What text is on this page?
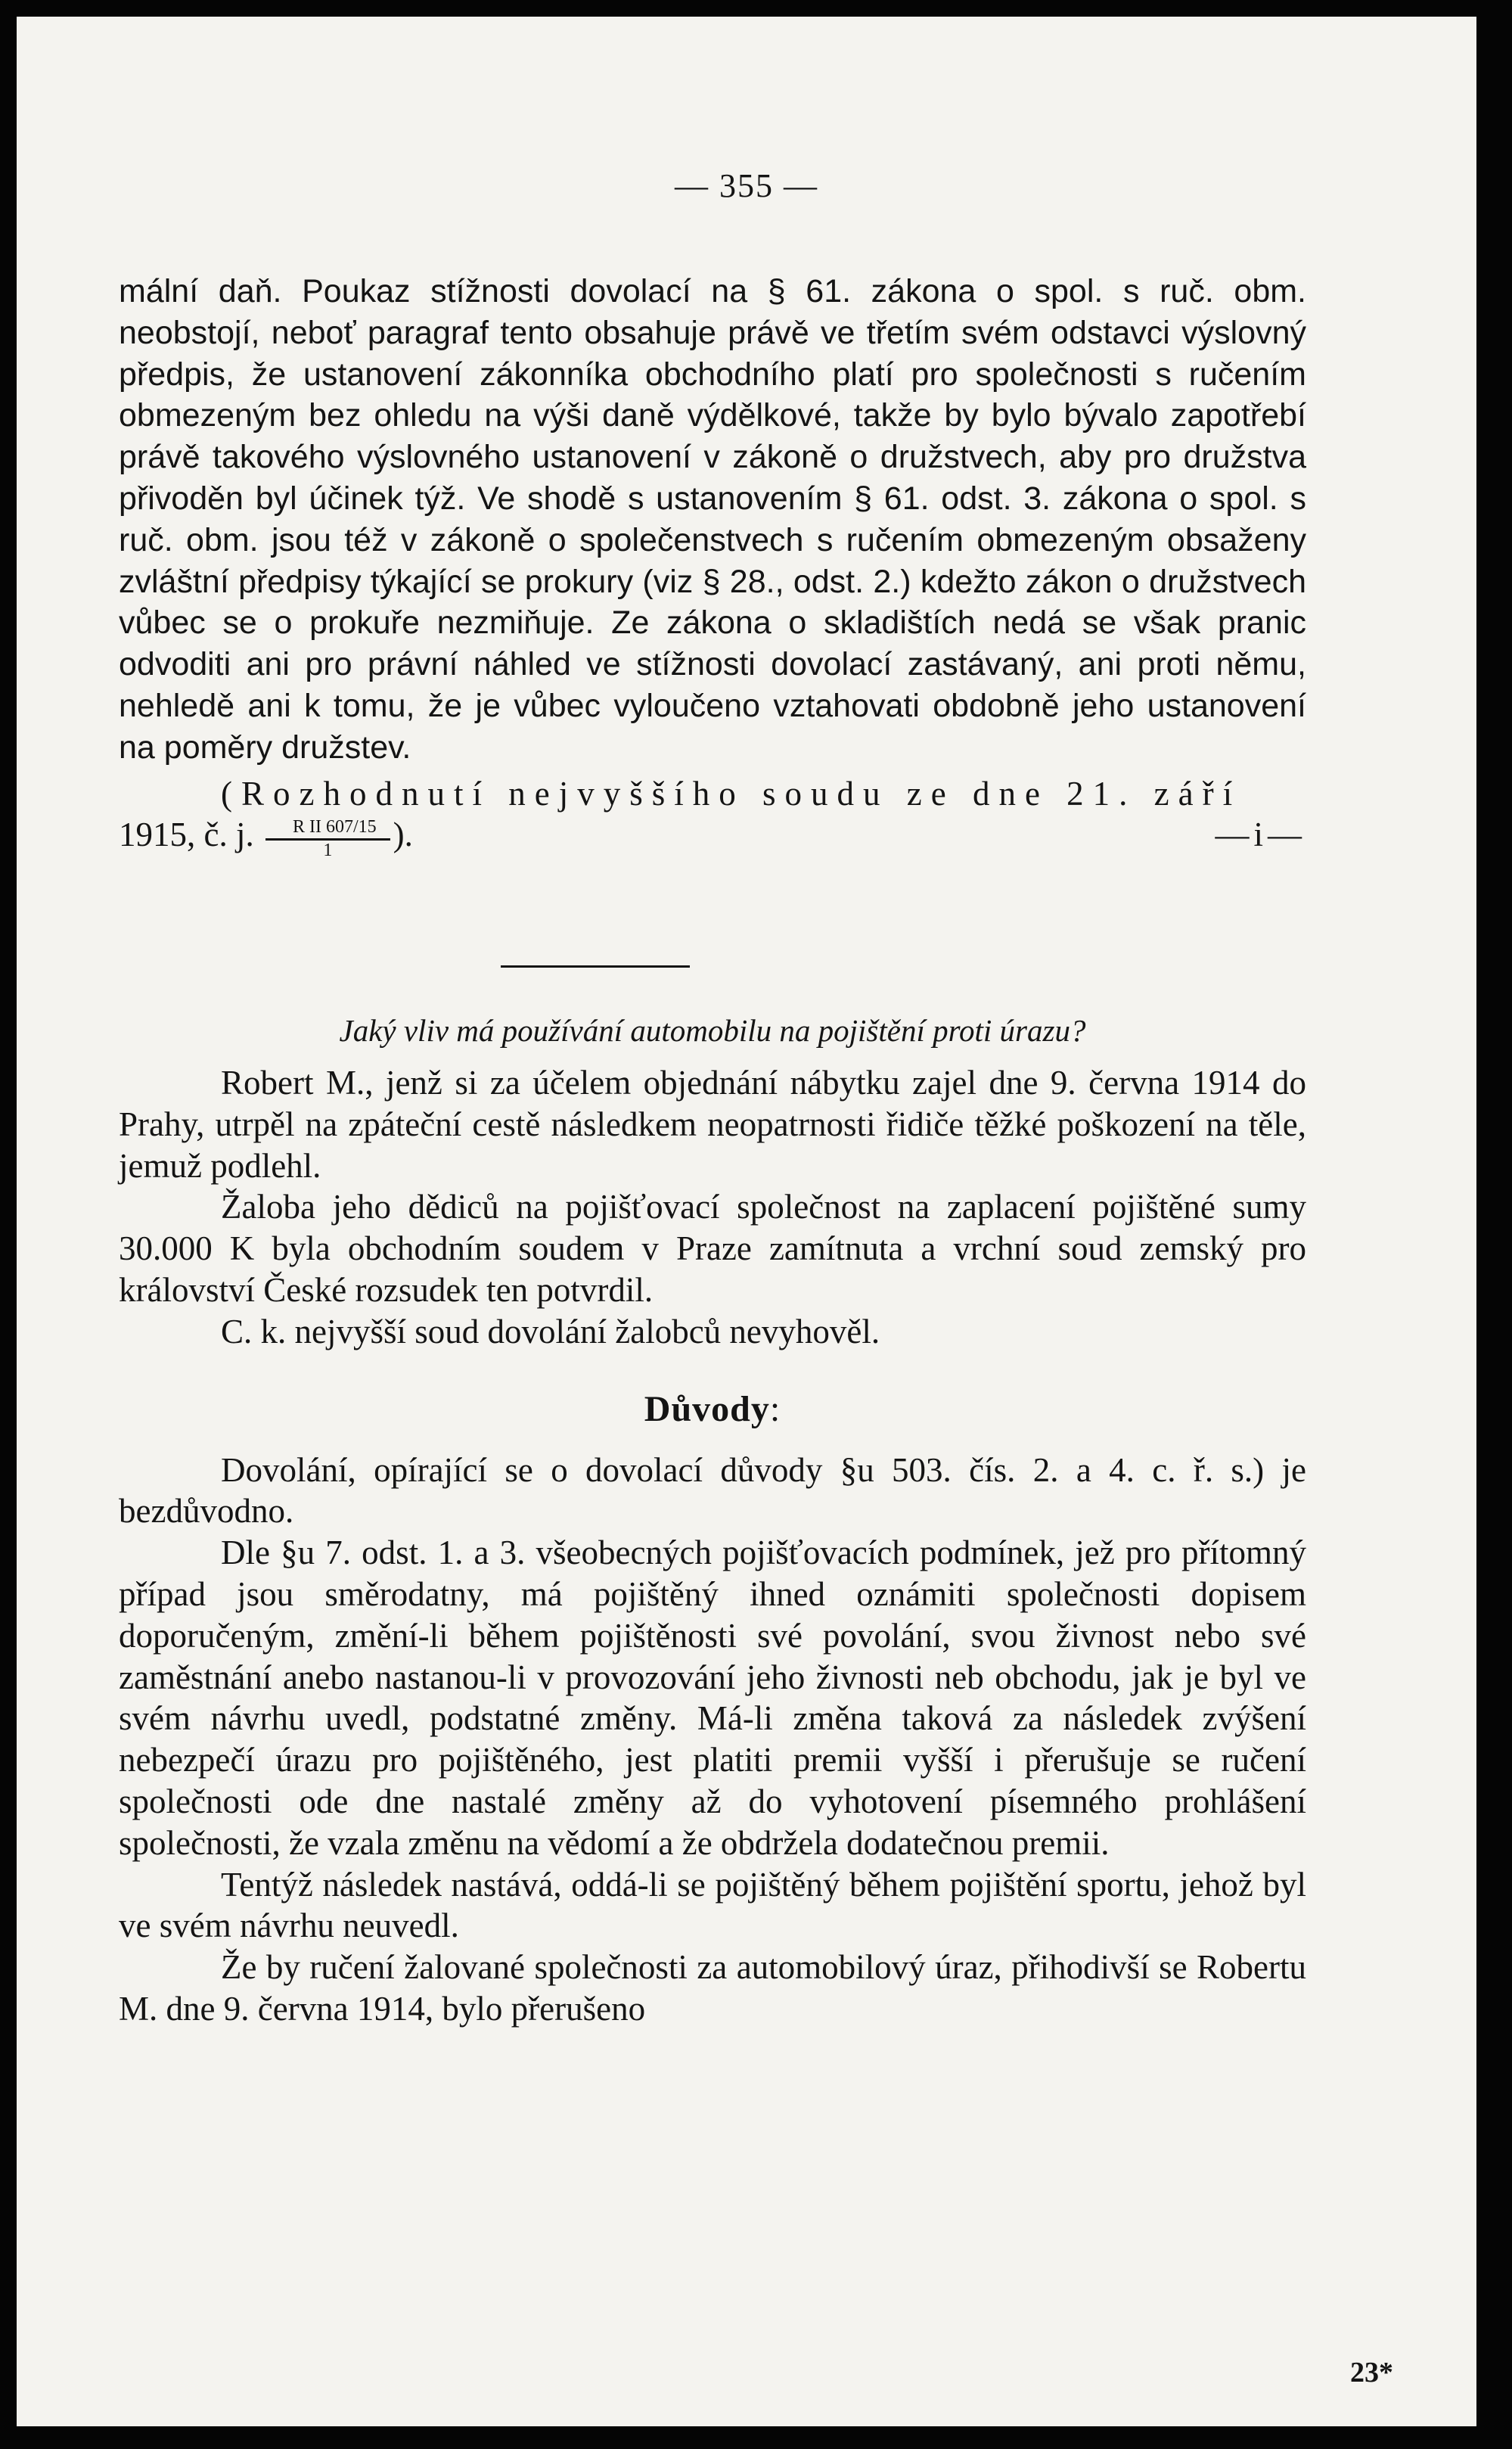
— 355 —

mální daň. Poukaz stížnosti dovolací na § 61. zákona o spol. s ruč. obm. neobstojí, neboť paragraf tento obsahuje právě ve třetím svém odstavci výslovný předpis, že ustanovení zákonníka obchodního platí pro společnosti s ručením obmezeným bez ohledu na výši daně výdělkové, takže by bylo bývalo zapotřebí právě takového výslovného ustanovení v zákoně o družstvech, aby pro družstva přivoděn byl účinek týž. Ve shodě s ustanovením § 61. odst. 3. zákona o spol. s ruč. obm. jsou též v zákoně o společenstvech s ručením obmezeným obsaženy zvláštní předpisy týkající se prokury (viz § 28., odst. 2.) kdežto zákon o družstvech vůbec se o prokuře nezmiňuje. Ze zákona o skladištích nedá se však pranic odvoditi ani pro právní náhled ve stížnosti dovolací zastávaný, ani proti němu, nehledě ani k tomu, že je vůbec vyloučeno vztahovati obdobně jeho ustanovení na poměry družstev.

(Rozhodnutí nejvyššího soudu ze dne 21. září

1915, č. j. $\frac{\text{R II 607/15}}{1}$ ).	—i—

Jaký vliv má používání automobilu na pojištění proti úrazu?

Robert M., jenž si za účelem objednání nábytku zajel dne 9. června 1914 do Prahy, utrpěl na zpáteční cestě následkem neopatrnosti řidiče těžké poškození na těle, jemuž podlehl.

Žaloba jeho dědiců na pojišťovací společnost na zaplacení pojištěné sumy 30.000 K byla obchodním soudem v Praze zamítnuta a vrchní soud zemský pro království České rozsudek ten potvrdil.

C. k. nejvyšší soud dovolání žalobců nevyhověl.

Důvody:

Dovolání, opírající se o dovolací důvody §u 503. čís. 2. a 4. c. ř. s.) je bezdůvodno.

Dle §u 7. odst. 1. a 3. všeobecných pojišťovacích podmínek, jež pro přítomný případ jsou směrodatny, má pojištěný ihned oznámiti společnosti dopisem doporučeným, změní-li během pojištěnosti své povolání, svou živnost nebo své zaměstnání anebo nastanou-li v provozování jeho živnosti neb obchodu, jak je byl ve svém návrhu uvedl, podstatné změny. Má-li změna taková za následek zvýšení nebezpečí úrazu pro pojištěného, jest platiti premii vyšší i přerušuje se ručení společnosti ode dne nastalé změny až do vyhotovení písemného prohlášení společnosti, že vzala změnu na vědomí a že obdržela dodatečnou premii.

Tentýž následek nastává, oddá-li se pojištěný během pojištění sportu, jehož byl ve svém návrhu neuvedl.

Že by ručení žalované společnosti za automobilový úraz, přihodivší se Robertu M. dne 9. června 1914, bylo přerušeno

23*
